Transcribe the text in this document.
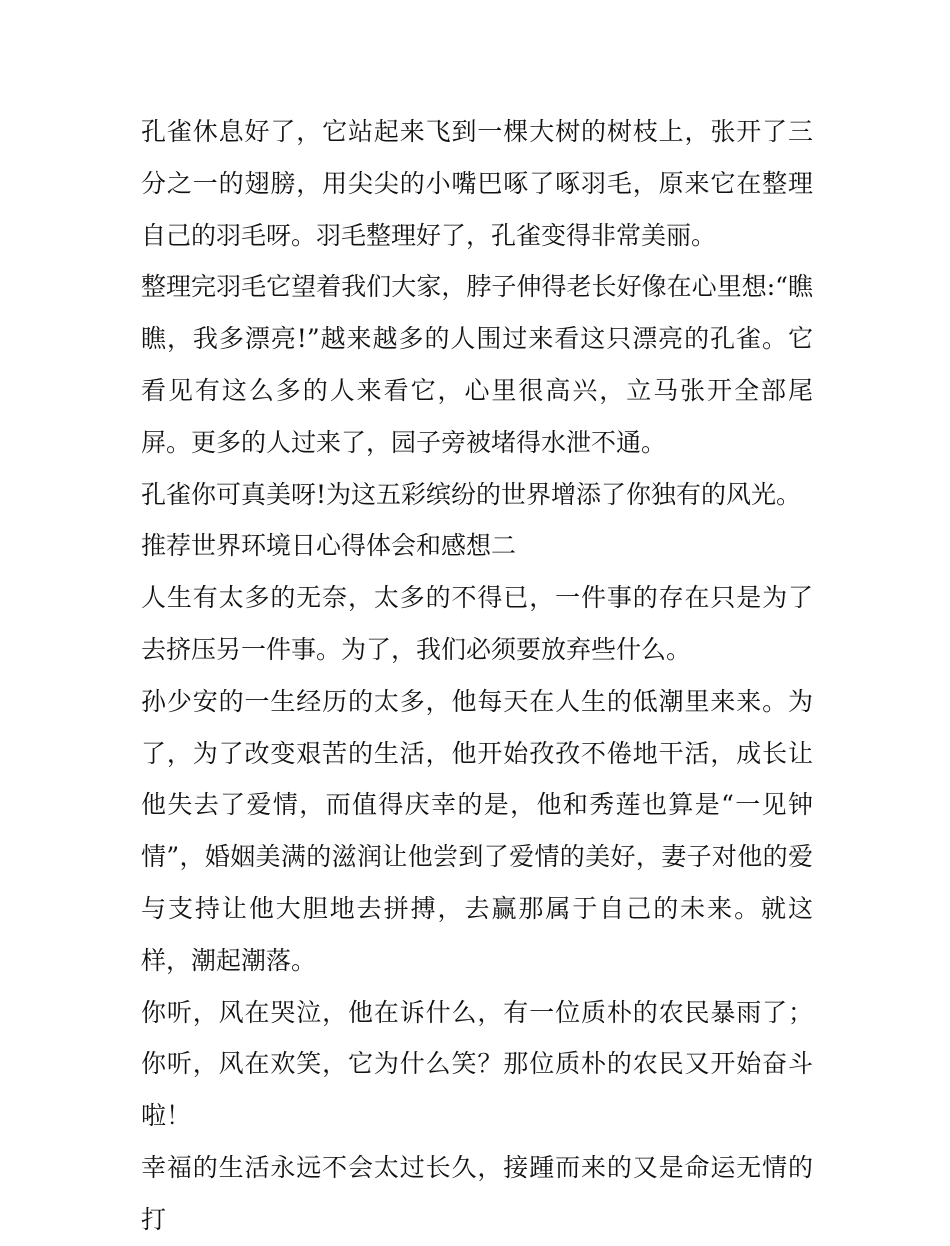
孔雀休息好了，它站起来飞到一棵大树的树枝上，张开了三分之一的翅膀，用尖尖的小嘴巴啄了啄羽毛，原来它在整理自己的羽毛呀。羽毛整理好了，孔雀变得非常美丽。

整理完羽毛它望着我们大家，脖子伸得老长好像在心里想:“瞧瞧，我多漂亮!”越来越多的人围过来看这只漂亮的孔雀。它看见有这么多的人来看它，心里很高兴，立马张开全部尾屏。更多的人过来了，园子旁被堵得水泄不通。

孔雀你可真美呀!为这五彩缤纷的世界增添了你独有的风光。

推荐世界环境日心得体会和感想二

人生有太多的无奈，太多的不得已，一件事的存在只是为了去挤压另一件事。为了，我们必须要放弃些什么。

孙少安的一生经历的太多，他每天在人生的低潮里来来。为了，为了改变艰苦的生活，他开始孜孜不倦地干活，成长让他失去了爱情，而值得庆幸的是，他和秀莲也算是“一见钟情”，婚姻美满的滋润让他尝到了爱情的美好，妻子对他的爱与支持让他大胆地去拼搏，去赢那属于自己的未来。就这样，潮起潮落。

你听，风在哭泣，他在诉什么，有一位质朴的农民暴雨了；你听，风在欢笑，它为什么笑？那位质朴的农民又开始奋斗啦！

幸福的生活永远不会太过长久，接踵而来的又是命运无情的打
